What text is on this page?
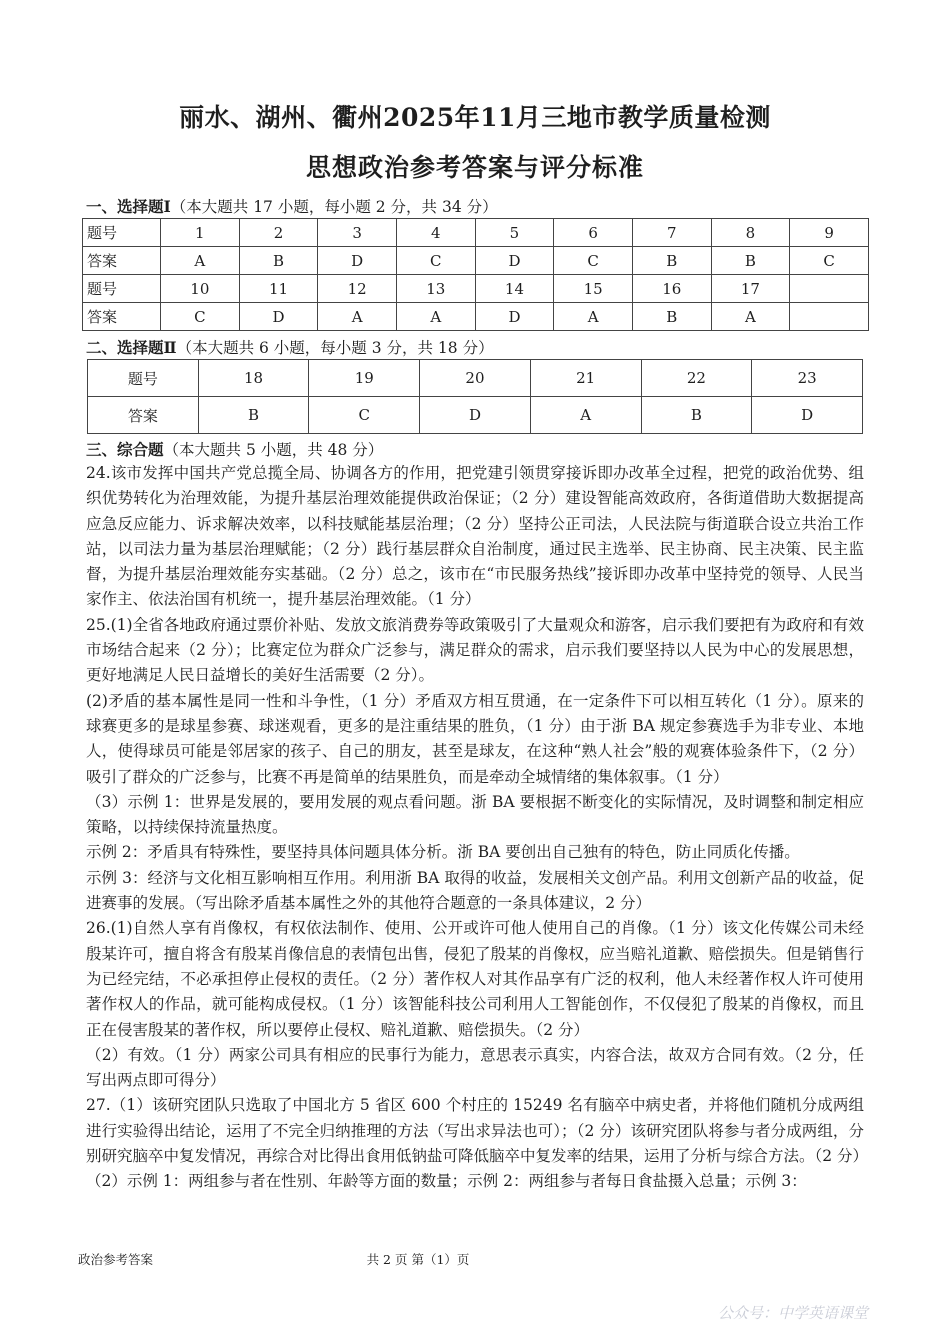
丽水、湖州、衢州2025年11月三地市教学质量检测
思想政治参考答案与评分标准
一、选择题Ⅰ（本大题共 17 小题，每小题 2 分，共 34 分）
题号	1	2	3	4	5	6	7	8	9
答案	A	B	D	C	D	C	B	B	C
题号	10	11	12	13	14	15	16	17	
答案	C	D	A	A	D	A	B	A	
二、选择题Ⅱ（本大题共 6 小题，每小题 3 分，共 18 分）
题号	18	19	20	21	22	23
答案	B	C	D	A	B	D
三、综合题（本大题共 5 小题，共 48 分）

24.该市发挥中国共产党总揽全局、协调各方的作用，把党建引领贯穿接诉即办改革全过程，把党的政治优势、组织优势转化为治理效能，为提升基层治理效能提供政治保证；（2 分）建设智能高效政府，各街道借助大数据提高应急反应能力、诉求解决效率，以科技赋能基层治理；（2 分）坚持公正司法，人民法院与街道联合设立共治工作站，以司法力量为基层治理赋能；（2 分）践行基层群众自治制度，通过民主选举、民主协商、民主决策、民主监督，为提升基层治理效能夯实基础。（2 分）总之，该市在“市民服务热线”接诉即办改革中坚持党的领导、人民当家作主、依法治国有机统一，提升基层治理效能。（1 分）

25.(1)全省各地政府通过票价补贴、发放文旅消费券等政策吸引了大量观众和游客，启示我们要把有为政府和有效市场结合起来（2 分）；比赛定位为群众广泛参与，满足群众的需求，启示我们要坚持以人民为中心的发展思想，更好地满足人民日益增长的美好生活需要（2 分）。

(2)矛盾的基本属性是同一性和斗争性，（1 分）矛盾双方相互贯通，在一定条件下可以相互转化（1 分）。原来的球赛更多的是球星参赛、球迷观看，更多的是注重结果的胜负，（1 分）由于浙 BA 规定参赛选手为非专业、本地人，使得球员可能是邻居家的孩子、自己的朋友，甚至是球友，在这种“熟人社会”般的观赛体验条件下，（2 分）吸引了群众的广泛参与，比赛不再是简单的结果胜负，而是牵动全城情绪的集体叙事。（1 分）

（3）示例 1：世界是发展的，要用发展的观点看问题。浙 BA 要根据不断变化的实际情况，及时调整和制定相应策略，以持续保持流量热度。

示例 2：矛盾具有特殊性，要坚持具体问题具体分析。浙 BA 要创出自己独有的特色，防止同质化传播。

示例 3：经济与文化相互影响相互作用。利用浙 BA 取得的收益，发展相关文创产品。利用文创新产品的收益，促进赛事的发展。（写出除矛盾基本属性之外的其他符合题意的一条具体建议，2 分）

26.(1)自然人享有肖像权，有权依法制作、使用、公开或许可他人使用自己的肖像。（1 分）该文化传媒公司未经殷某许可，擅自将含有殷某肖像信息的表情包出售，侵犯了殷某的肖像权，应当赔礼道歉、赔偿损失。但是销售行为已经完结，不必承担停止侵权的责任。（2 分）著作权人对其作品享有广泛的权利，他人未经著作权人许可使用著作权人的作品，就可能构成侵权。（1 分）该智能科技公司利用人工智能创作，不仅侵犯了殷某的肖像权，而且正在侵害殷某的著作权，所以要停止侵权、赔礼道歉、赔偿损失。（2 分）

（2）有效。（1 分）两家公司具有相应的民事行为能力，意思表示真实，内容合法，故双方合同有效。（2 分，任写出两点即可得分）

27.（1）该研究团队只选取了中国北方 5 省区 600 个村庄的 15249 名有脑卒中病史者，并将他们随机分成两组进行实验得出结论，运用了不完全归纳推理的方法（写出求异法也可）；（2 分）该研究团队将参与者分成两组，分别研究脑卒中复发情况，再综合对比得出食用低钠盐可降低脑卒中复发率的结果，运用了分析与综合方法。（2 分）

（2）示例 1：两组参与者在性别、年龄等方面的数量；示例 2：两组参与者每日食盐摄入总量；示例 3：

政治参考答案	共 2 页 第（1）页
公众号：中学英语课堂
